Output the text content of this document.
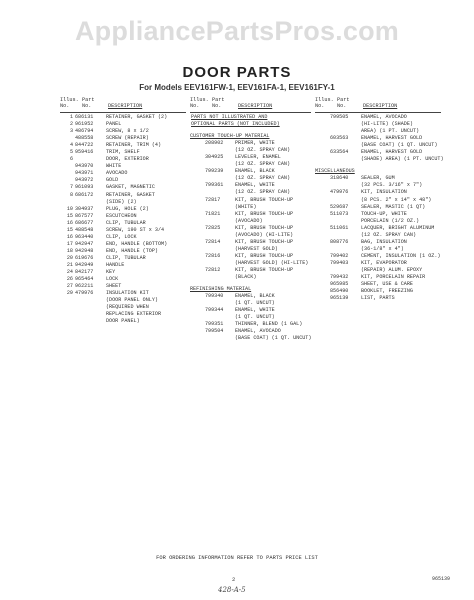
AppliancePartsPros.com
DOOR PARTS
For Models EEV161FW-1, EEV161FA-1, EEV161FY-1
Illus.
No.
Part
No.	DESCRIPTION
1 686131	RETAINER, GASKET (2)
2 961952	PANEL
3 486794	SCREW, 8 x 1/2
488558	SCREW (REPAIR)
4 844722	RETAINER, TRIM (4)
5 959416	TRIM, SHELF
6	DOOR, EXTERIOR
943970	WHITE
943971	AVOCADO
943972	GOLD
7 961093	GASKET, MAGNETIC
8 686172	RETAINER, GASKET
(SIDE) (2)
10 304937	PLUG, HOLE (2)
15 867577	ESCUTCHEON
16 686677	CLIP, TUBULAR
15 488548	SCREW, 190 ST x 3/4
16 963440	CLIP, LOCK
17 942947	END, HANDLE (BOTTOM)
18 942948	END, HANDLE (TOP)
20 619676	CLIP, TUBULAR
21 942949	HANDLE
24 842177	KEY
26 965464	LOCK
27 962211	SHEET
29 479976	INSULATION KIT
(DOOR PANEL ONLY)
(REQUIRED WHEN
REPLACING EXTERIOR
DOOR PANEL)
Illus.
No.
Part
No.	DESCRIPTION
PARTS NOT ILLUSTRATED AND
OPTIONAL PARTS (NOT INCLUDED)
CUSTOMER TOUCH-UP MATERIAL
208902	PRIMER, WHITE
(12 OZ. SPRAY CAN)
304925	LEVELER, ENAMEL
(12 OZ. SPRAY CAN)
799239	ENAMEL, BLACK
(12 OZ. SPRAY CAN)
799361	ENAMEL, WHITE
(12 OZ. SPRAY CAN)
72817	KIT, BRUSH TOUCH-UP
(WHITE)
71821	KIT, BRUSH TOUCH-UP
(AVOCADO)
72825	KIT, BRUSH TOUCH-UP
(AVOCADO) (HI-LITE)
72814	KIT, BRUSH TOUCH-UP
(HARVEST GOLD)
72816	KIT, BRUSH TOUCH-UP
(HARVEST GOLD) (HI-LITE)
72812	KIT, BRUSH TOUCH-UP
(BLACK)
REFINISHING MATERIAL
799340	ENAMEL, BLACK
(1 QT. UNCUT)
799344	ENAMEL, WHITE
(1 QT. UNCUT)
799351	THINNER, BLEND (1 GAL)
799504	ENAMEL, AVOCADO
(BASE COAT) (1 QT. UNCUT)
Illus.
No.
Part
No.	DESCRIPTION
799505	ENAMEL, AVOCADO
(HI-LITE) (SHADE)
AREA) (1 PT. UNCUT)
603563	ENAMEL, HARVEST GOLD
(BASE COAT) (1 QT. UNCUT)
633564	ENAMEL, HARVEST GOLD
(SHADE) AREA) (1 PT. UNCUT)
MISCELLANEOUS
318640	SEALER, GUM
(32 PCS. 3/16" x 7")
479976	KIT, INSULATION
(8 PCS. 2" x 14" x 48")
529687	SEALER, MASTIC (1 QT)
511073	TOUCH-UP, WHITE
PORCELAIN (1/2 OZ.)
511061	LACQUER, BRIGHT ALUMINUM
(12 OZ. SPRAY CAN)
808776	BAG, INSULATION
(36-1/8" x 4")
799402	CEMENT, INSULATION (1 OZ.)
799403	KIT, EVAPORATOR
(REPAIR) ALUM. EPOXY
799432	KIT, PORCELAIN REPAIR
965985	SHEET, USE & CARE
856490	BOOKLET, FREEZING
965139	LIST, PARTS
FOR ORDERING INFORMATION REFER TO PARTS PRICE LIST
2	965139
428-A-5
